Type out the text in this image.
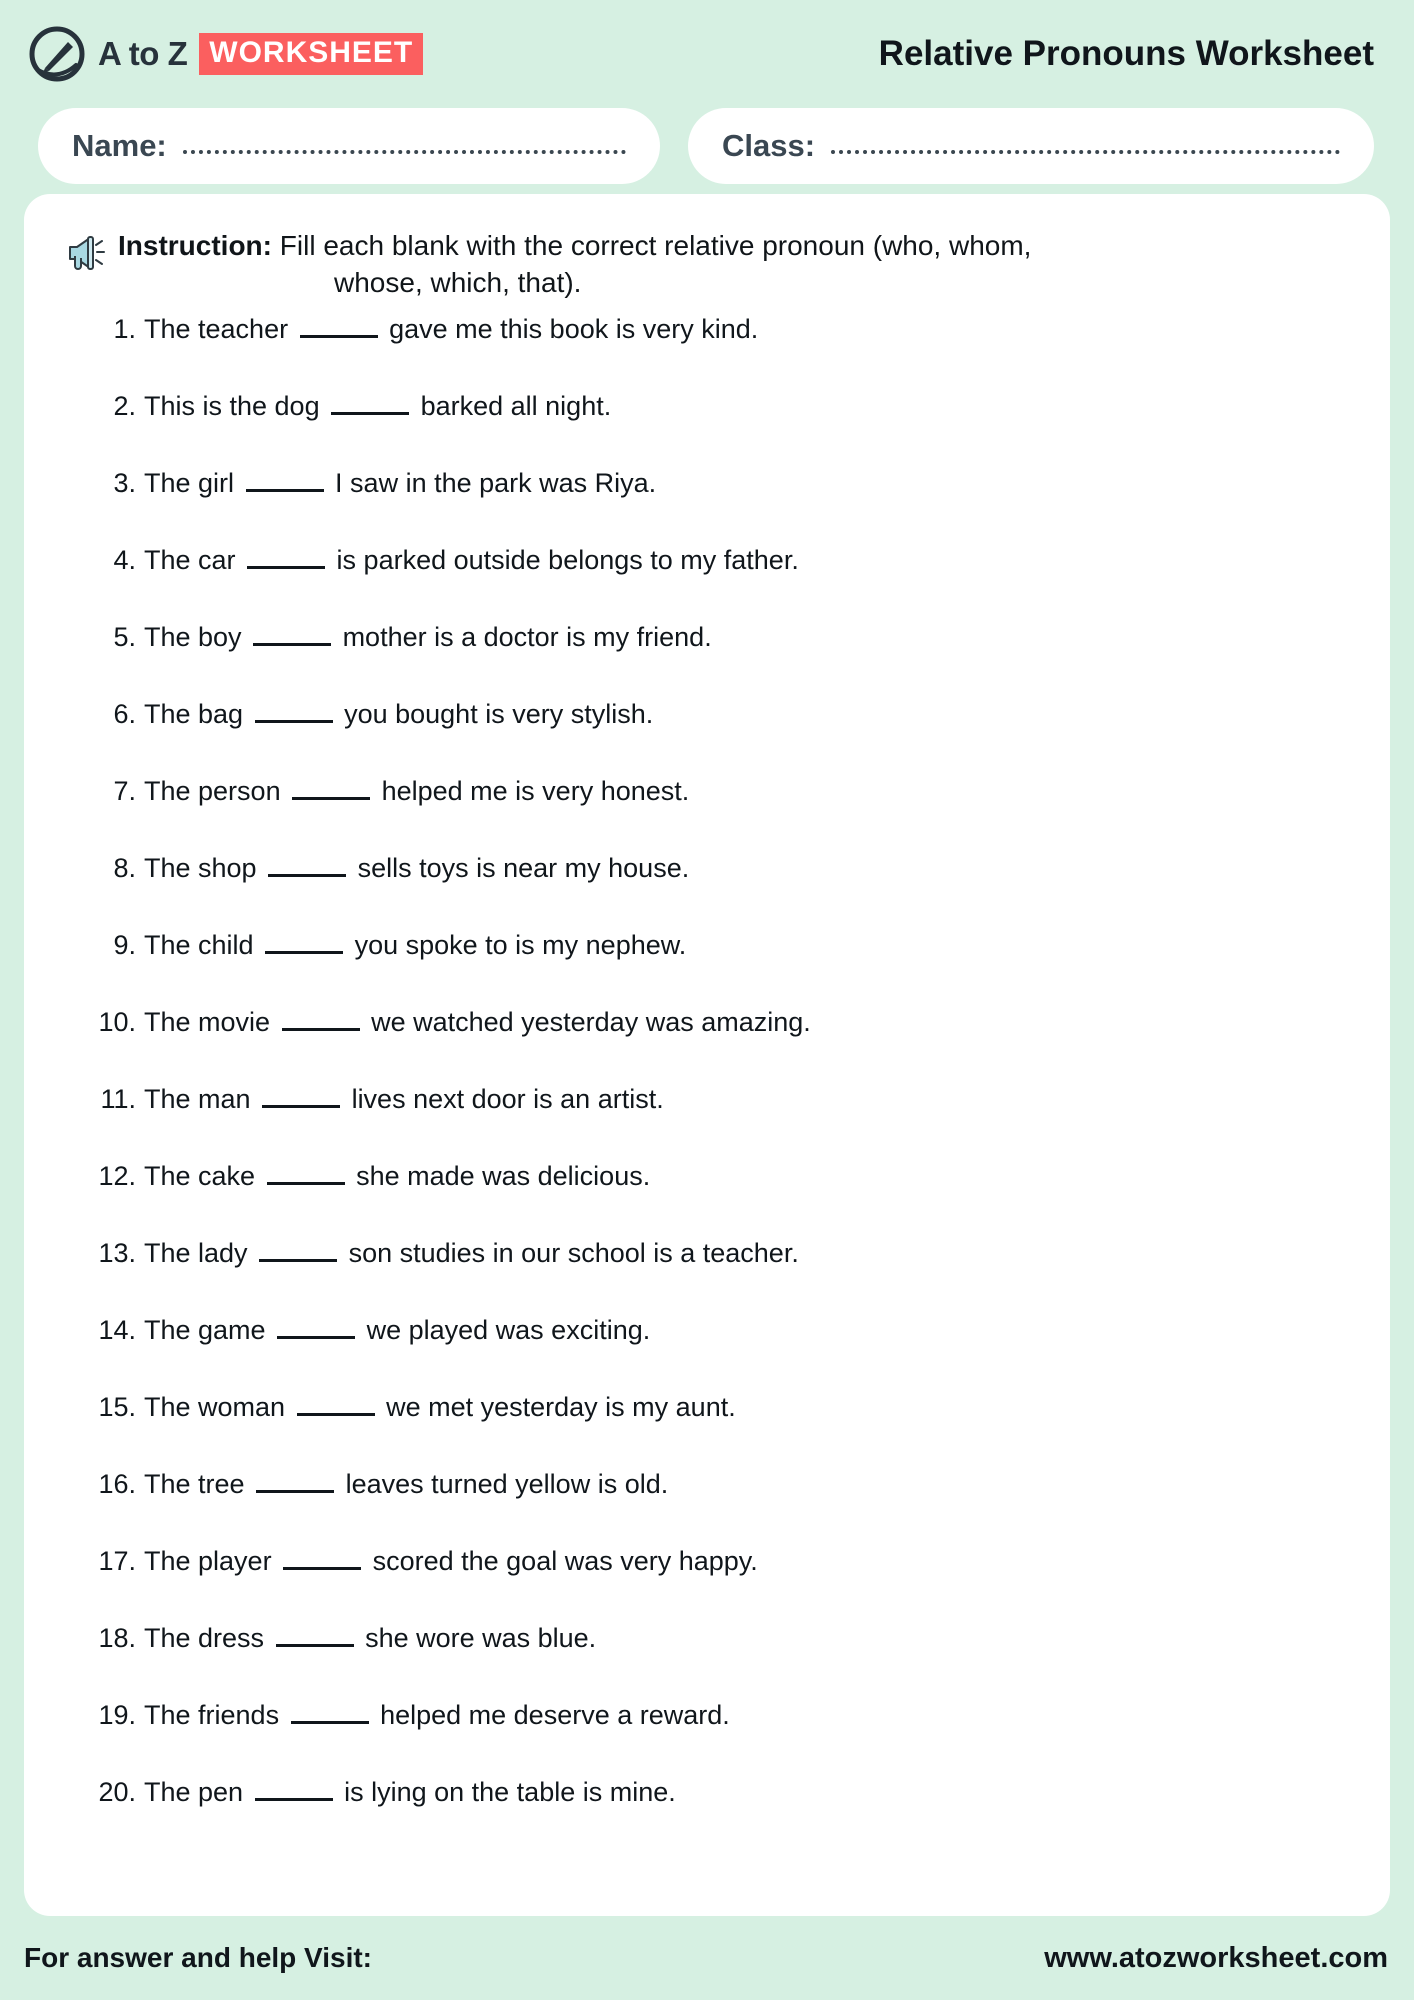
A to Z WORKSHEET	Relative Pronouns Worksheet
Name:	Class:
Instruction: Fill each blank with the correct relative pronoun (who, whom,
whose, which, that).
1. The teacher	gave me this book is very kind.
2. This is the dog	barked all night.
3. The girl	I saw in the park was Riya.
4. The car	is parked outside belongs to my father.
5. The boy	mother is a doctor is my friend.
6. The bag	you bought is very stylish.
7. The person	helped me is very honest.
8. The shop	sells toys is near my house.
9. The child	you spoke to is my nephew.
10. The movie	we watched yesterday was amazing.
11. The man	lives next door is an artist.
12. The cake	she made was delicious.
13. The lady	son studies in our school is a teacher.
14. The game	we played was exciting.
15. The woman	we met yesterday is my aunt.
16. The tree	leaves turned yellow is old.
17. The player	scored the goal was very happy.
18. The dress	she wore was blue.
19. The friends	helped me deserve a reward.
20. The pen	is lying on the table is mine.
For answer and help Visit:	www.atozworksheet.com
